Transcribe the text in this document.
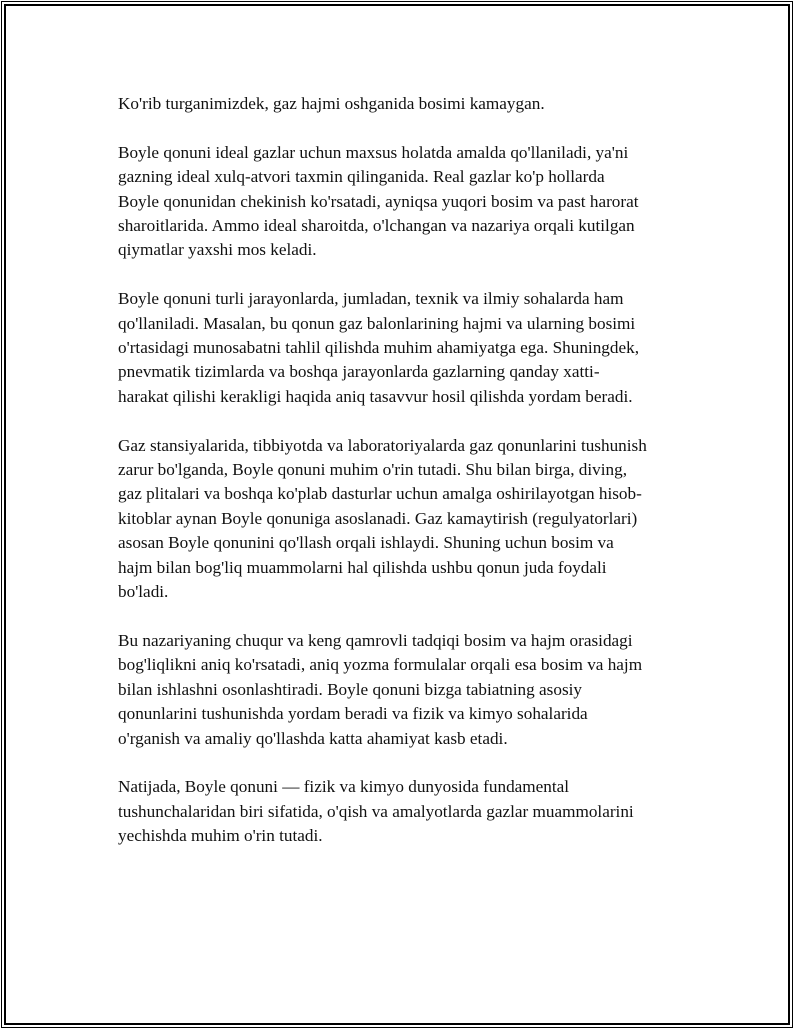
Ko'rib turganimizdek, gaz hajmi oshganida bosimi kamaygan.

Boyle qonuni ideal gazlar uchun maxsus holatda amalda qo'llaniladi, ya'ni
gazning ideal xulq-atvori taxmin qilinganida. Real gazlar ko'p hollarda
Boyle qonunidan chekinish ko'rsatadi, ayniqsa yuqori bosim va past harorat
sharoitlarida. Ammo ideal sharoitda, o'lchangan va nazariya orqali kutilgan
qiymatlar yaxshi mos keladi.

Boyle qonuni turli jarayonlarda, jumladan, texnik va ilmiy sohalarda ham
qo'llaniladi. Masalan, bu qonun gaz balonlarining hajmi va ularning bosimi
o'rtasidagi munosabatni tahlil qilishda muhim ahamiyatga ega. Shuningdek,
pnevmatik tizimlarda va boshqa jarayonlarda gazlarning qanday xatti-
harakat qilishi kerakligi haqida aniq tasavvur hosil qilishda yordam beradi.

Gaz stansiyalarida, tibbiyotda va laboratoriyalarda gaz qonunlarini tushunish
zarur bo'lganda, Boyle qonuni muhim o'rin tutadi. Shu bilan birga, diving,
gaz plitalari va boshqa ko'plab dasturlar uchun amalga oshirilayotgan hisob-
kitoblar aynan Boyle qonuniga asoslanadi. Gaz kamaytirish (regulyatorlari)
asosan Boyle qonunini qo'llash orqali ishlaydi. Shuning uchun bosim va
hajm bilan bog'liq muammolarni hal qilishda ushbu qonun juda foydali
bo'ladi.

Bu nazariyaning chuqur va keng qamrovli tadqiqi bosim va hajm orasidagi
bog'liqlikni aniq ko'rsatadi, aniq yozma formulalar orqali esa bosim va hajm
bilan ishlashni osonlashtiradi. Boyle qonuni bizga tabiatning asosiy
qonunlarini tushunishda yordam beradi va fizik va kimyo sohalarida
o'rganish va amaliy qo'llashda katta ahamiyat kasb etadi.

Natijada, Boyle qonuni — fizik va kimyo dunyosida fundamental
tushunchalaridan biri sifatida, o'qish va amalyotlarda gazlar muammolarini
yechishda muhim o'rin tutadi.
